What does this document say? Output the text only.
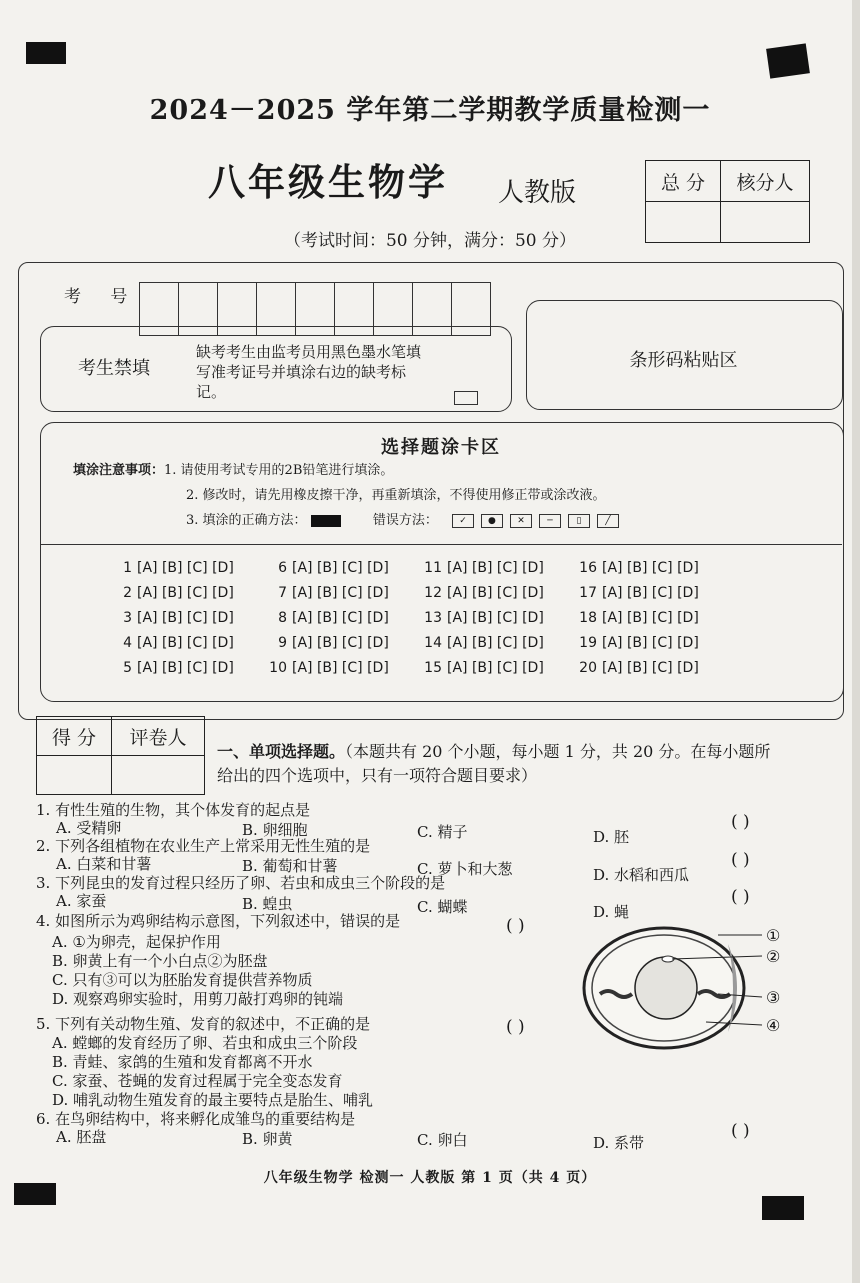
2024－2025 学年第二学期教学质量检测一
八年级生物学 人教版	总 分	核分人

（考试时间：50 分钟，满分：50 分）
考 号
考生禁填
缺考考生由监考员用黑色墨水笔填写准考证号并填涂右边的缺考标记。
条形码粘贴区
选择题涂卡区
填涂注意事项：1. 请使用考试专用的2B铅笔进行填涂。
2. 修改时，请先用橡皮擦干净，再重新填涂，不得使用修正带或涂改液。
3. 填涂的正确方法：	错误方法：	✓	●	✕	─	▯	╱
1 [A] [B] [C] [D]	6 [A] [B] [C] [D]	11 [A] [B] [C] [D]	16 [A] [B] [C] [D]
2 [A] [B] [C] [D]	7 [A] [B] [C] [D]	12 [A] [B] [C] [D]	17 [A] [B] [C] [D]
3 [A] [B] [C] [D]	8 [A] [B] [C] [D]	13 [A] [B] [C] [D]	18 [A] [B] [C] [D]
4 [A] [B] [C] [D]	9 [A] [B] [C] [D]	14 [A] [B] [C] [D]	19 [A] [B] [C] [D]
5 [A] [B] [C] [D]	10 [A] [B] [C] [D]	15 [A] [B] [C] [D]	20 [A] [B] [C] [D]
得 分	评卷人

一、单项选择题。（本题共有 20 个小题，每小题 1 分，共 20 分。在每小题所给出的四个选项中，只有一项符合题目要求）
1. 有性生殖的生物，其个体发育的起点是
A. 受精卵	B. 卵细胞	C. 精子	D. 胚
( )
2. 下列各组植物在农业生产上常采用无性生殖的是
A. 白菜和甘薯	B. 葡萄和甘薯	C. 萝卜和大葱	D. 水稻和西瓜
( )
3. 下列昆虫的发育过程只经历了卵、若虫和成虫三个阶段的是
A. 家蚕	B. 蝗虫	C. 蝴蝶	D. 蝇
( )
4. 如图所示为鸡卵结构示意图，下列叙述中，错误的是	( )
A. ①为卵壳，起保护作用
B. 卵黄上有一个小白点②为胚盘
C. 只有③可以为胚胎发育提供营养物质
D. 观察鸡卵实验时，用剪刀敲打鸡卵的钝端
①
②
③
④
5. 下列有关动物生殖、发育的叙述中，不正确的是	( )
A. 螳螂的发育经历了卵、若虫和成虫三个阶段
B. 青蛙、家鸽的生殖和发育都离不开水
C. 家蚕、苍蝇的发育过程属于完全变态发育
D. 哺乳动物生殖发育的最主要特点是胎生、哺乳
6. 在鸟卵结构中，将来孵化成雏鸟的重要结构是
A. 胚盘	B. 卵黄	C. 卵白	D. 系带
( )
八年级生物学 检测一 人教版 第 1 页（共 4 页）
